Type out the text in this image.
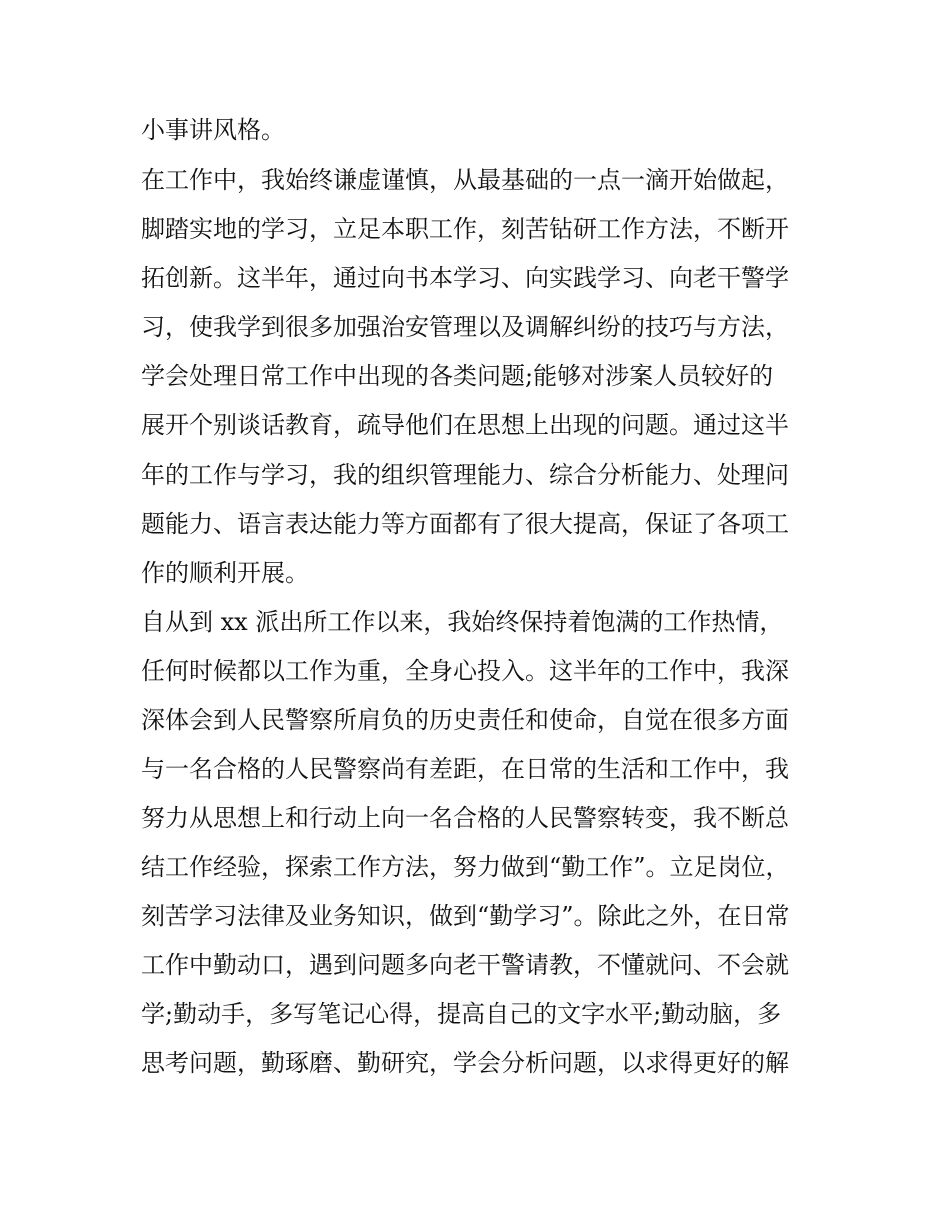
小事讲风格。
在工作中，我始终谦虚谨慎，从最基础的一点一滴开始做起，
脚踏实地的学习，立足本职工作，刻苦钻研工作方法，不断开
拓创新。这半年，通过向书本学习、向实践学习、向老干警学
习，使我学到很多加强治安管理以及调解纠纷的技巧与方法，
学会处理日常工作中出现的各类问题;能够对涉案人员较好的
展开个别谈话教育，疏导他们在思想上出现的问题。通过这半
年的工作与学习，我的组织管理能力、综合分析能力、处理问
题能力、语言表达能力等方面都有了很大提高，保证了各项工
作的顺利开展。
自从到 xx 派出所工作以来，我始终保持着饱满的工作热情，
任何时候都以工作为重，全身心投入。这半年的工作中，我深
深体会到人民警察所肩负的历史责任和使命，自觉在很多方面
与一名合格的人民警察尚有差距，在日常的生活和工作中，我
努力从思想上和行动上向一名合格的人民警察转变，我不断总
结工作经验，探索工作方法，努力做到“勤工作”。立足岗位，
刻苦学习法律及业务知识，做到“勤学习”。除此之外，在日常
工作中勤动口，遇到问题多向老干警请教，不懂就问、不会就
学;勤动手，多写笔记心得，提高自己的文字水平;勤动脑，多
思考问题，勤琢磨、勤研究，学会分析问题，以求得更好的解
